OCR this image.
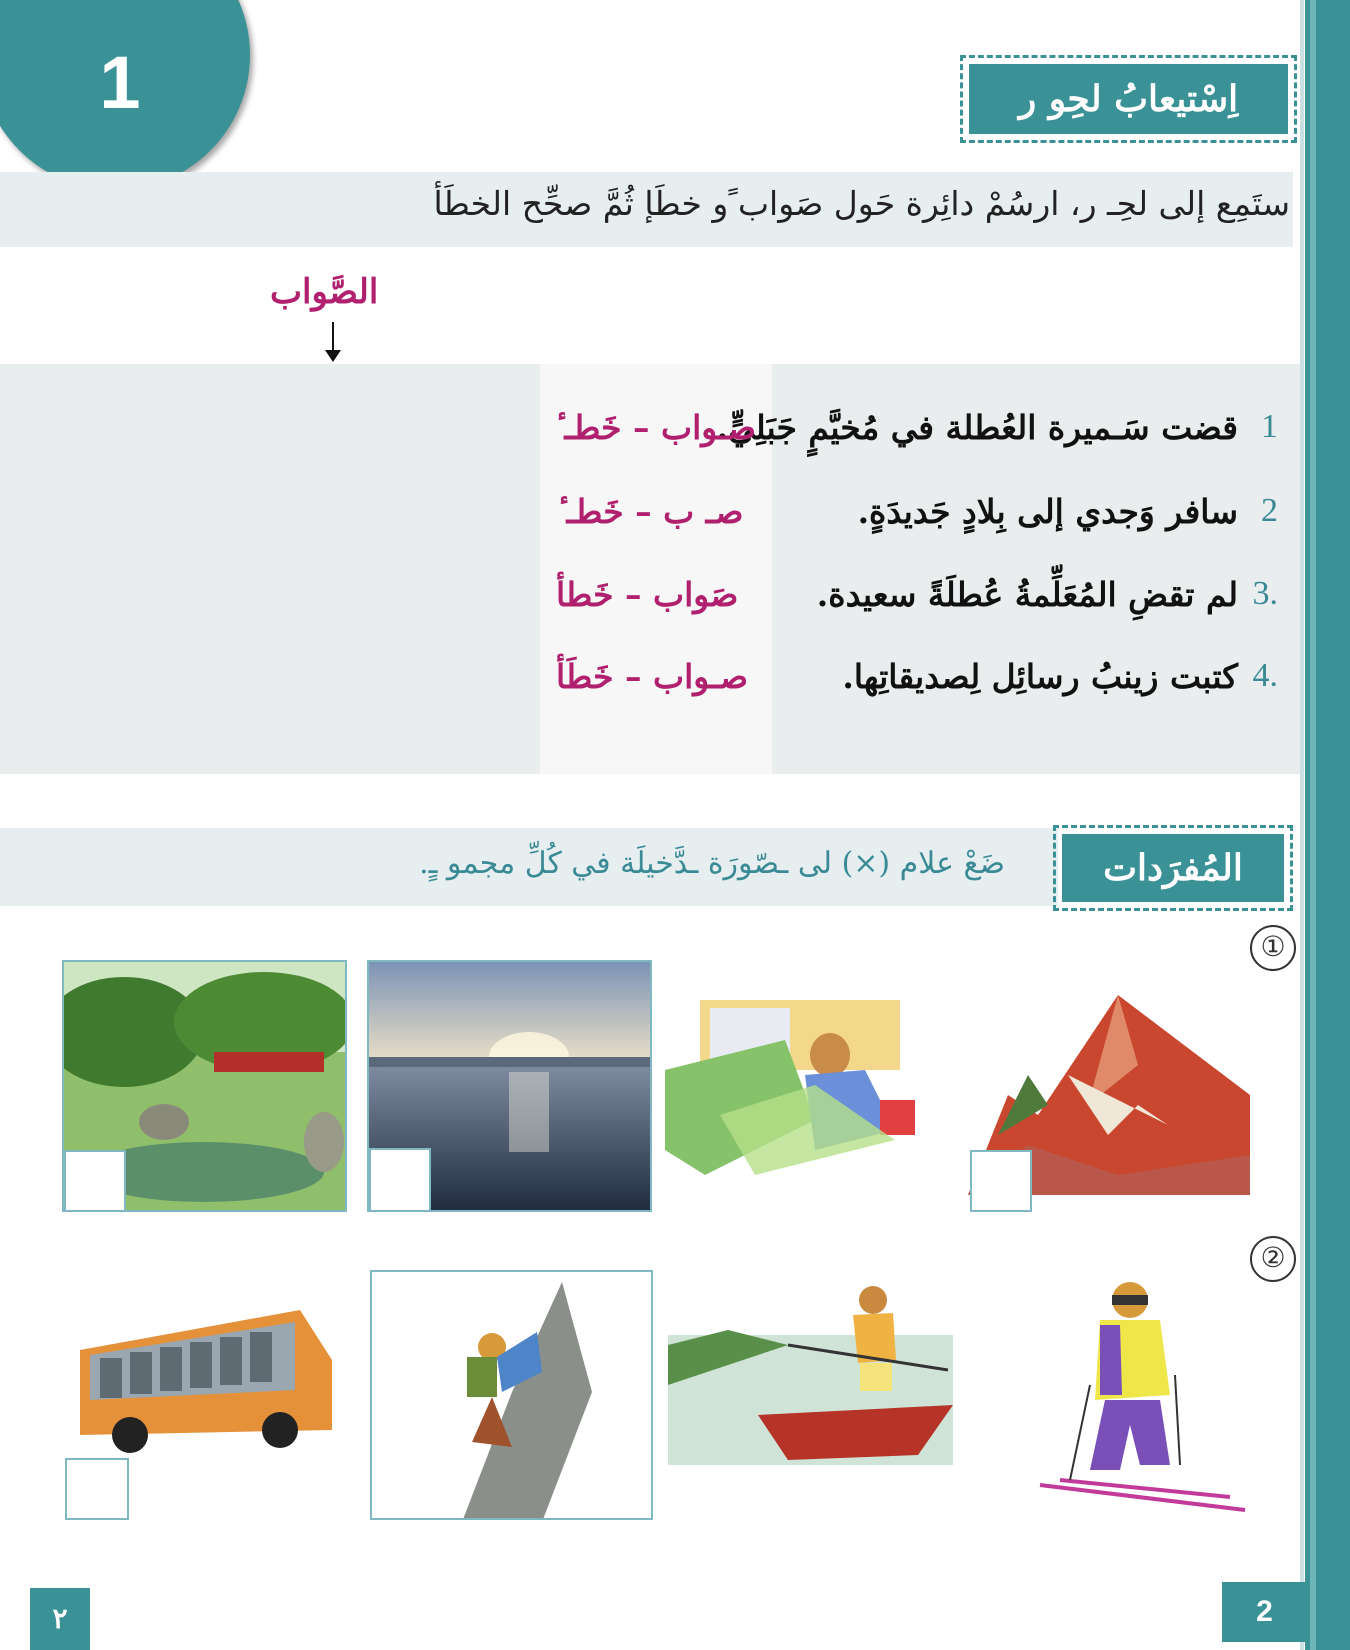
1	اِسْتيعابُ لحِو ر
ستَمِع إلى لحِـ ر، ارسُمْ دائِرة حَول صَواب ًو خطَإ ثُمَّ صحِّح الخطَأ
الصَّواب
1
قضت سَـميرة العُطلة في مُخيَّمٍ جَبَلِيٍّ.
صـواب – خَطـ ٔ
2
سافر وَجدي إلى بِلادٍ جَديدَةٍ.
صـ ب – خَطـ ٔ
3.
لم تقضِ المُعَلِّمةُ عُطلَةً سعيدة.
صَواب – خَطأ
4.
كتبت زينبُ رسائِل لِصديقاتِها.
صـواب – خَطَأ
ضَعْ علام (×) لى ـصّورَة ـدَّخيلَة في كُلِّ مجمو ـٍ.	المُفرَدات
①
②
2
٢
